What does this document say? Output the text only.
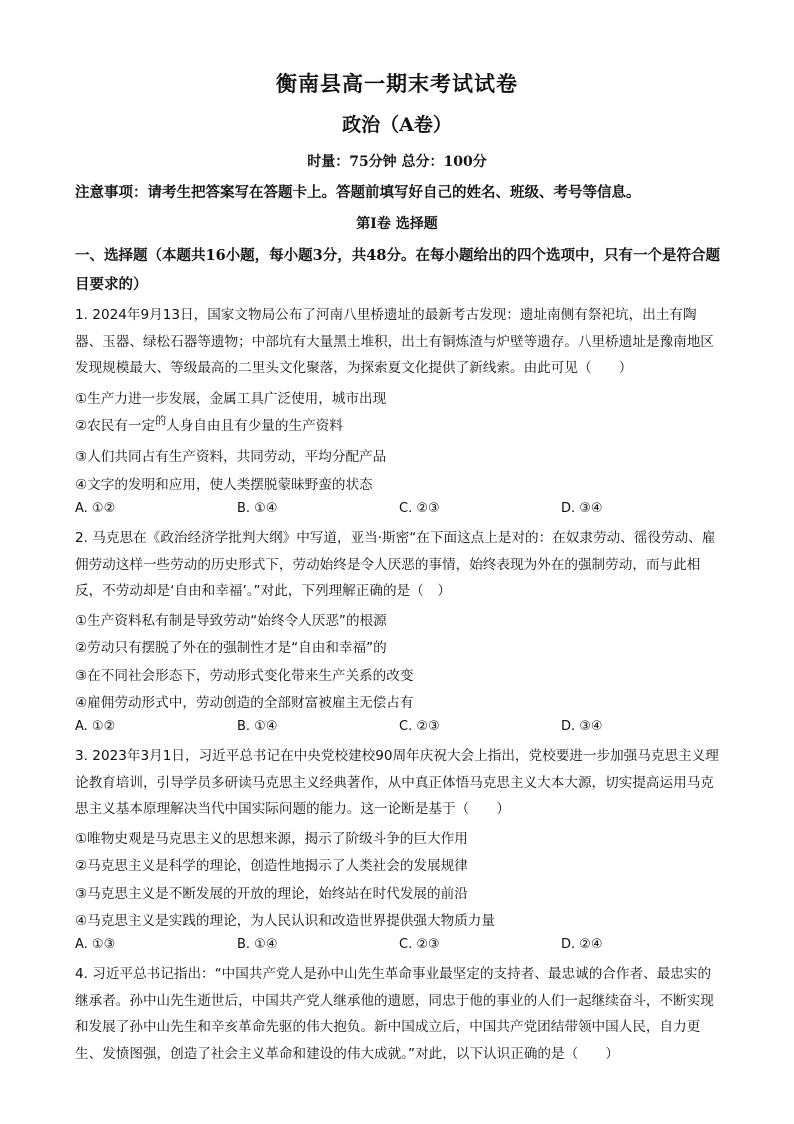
衡南县高一期末考试试卷
政治（A卷）
时量：75分钟 总分：100分
注意事项：请考生把答案写在答题卡上。答题前填写好自己的姓名、班级、考号等信息。
第Ⅰ卷 选择题
一、选择题（本题共16小题，每小题3分，共48分。在每小题给出的四个选项中，只有一个是符合题目要求的）

1. 2024年9月13日，国家文物局公布了河南八里桥遗址的最新考古发现：遗址南侧有祭祀坑，出土有陶器、玉器、绿松石器等遗物；中部坑有大量黑土堆积，出土有铜炼渣与炉壁等遗存。八里桥遗址是豫南地区发现规模最大、等级最高的二里头文化聚落，为探索夏文化提供了新线索。由此可见（　　）

①生产力进一步发展，金属工具广泛使用，城市出现
②农民有一定$^的$人身自由且有少量的生产资料
③人们共同占有生产资料，共同劳动，平均分配产品
④文字的发明和应用，使人类摆脱蒙昧野蛮的状态
A. ①②	B. ①④	C. ②③	D. ③④

2. 马克思在《政治经济学批判大纲》中写道，亚当·斯密“在下面这点上是对的：在奴隶劳动、徭役劳动、雇佣劳动这样一些劳动的历史形式下，劳动始终是令人厌恶的事情，始终表现为外在的强制劳动，而与此相反，不劳动却是‘自由和幸福’。”对此，下列理解正确的是（　）

①生产资料私有制是导致劳动“始终令人厌恶”的根源
②劳动只有摆脱了外在的强制性才是“自由和幸福”的
③在不同社会形态下，劳动形式变化带来生产关系的改变
④雇佣劳动形式中，劳动创造的全部财富被雇主无偿占有
A. ①②	B. ①④	C. ②③	D. ③④

3. 2023年3月1日，习近平总书记在中央党校建校90周年庆祝大会上指出，党校要进一步加强马克思主义理论教育培训，引导学员多研读马克思主义经典著作，从中真正体悟马克思主义大本大源，切实提高运用马克思主义基本原理解决当代中国实际问题的能力。这一论断是基于（　　）

①唯物史观是马克思主义的思想来源，揭示了阶级斗争的巨大作用
②马克思主义是科学的理论，创造性地揭示了人类社会的发展规律
③马克思主义是不断发展的开放的理论，始终站在时代发展的前沿
④马克思主义是实践的理论，为人民认识和改造世界提供强大物质力量
A. ①③	B. ①④	C. ②③	D. ②④

4. 习近平总书记指出：“中国共产党人是孙中山先生革命事业最坚定的支持者、最忠诚的合作者、最忠实的继承者。孙中山先生逝世后，中国共产党人继承他的遗愿，同忠于他的事业的人们一起继续奋斗，不断实现和发展了孙中山先生和辛亥革命先驱的伟大抱负。新中国成立后，中国共产党团结带领中国人民，自力更生、发愤图强，创造了社会主义革命和建设的伟大成就。”对此，以下认识正确的是（　　）
